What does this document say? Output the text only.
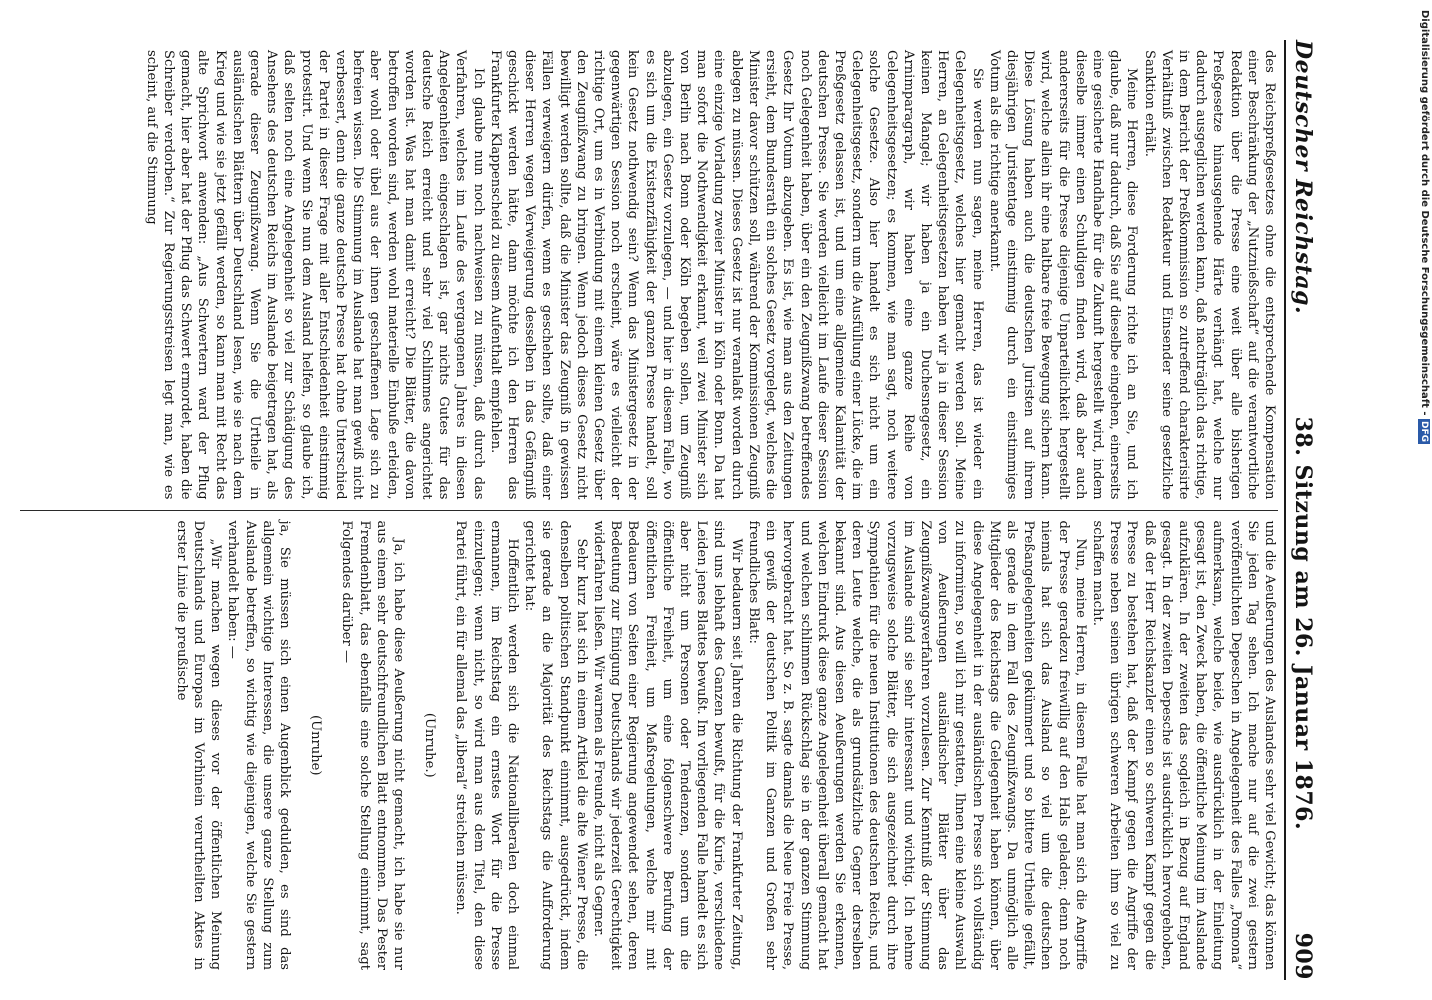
Deutscher Reichstag.
38. Sitzung am 26. Januar 1876.
909

des Reichspreßgesetzes ohne die entsprechende Kompensation einer Beschränkung der „Nutznießschaft“ auf die verantwortliche Redaktion über die Presse eine weit über alle bisherigen Preßgesetze hinausgehende Härte verhängt hat, welche nur dadurch ausgeglichen werden kann, daß nachträglich das richtige, in dem Bericht der Preßkommission so zutreffend charakterisirte Verhältniß zwischen Redakteur und Einsender seine gesetzliche Sanktion erhält.

Meine Herren, diese Forderung richte ich an Sie, und ich glaube, daß nur dadurch, daß Sie auf dieselbe eingehen, einerseits eine gesicherte Handhabe für die Zukunft hergestellt wird, indem dieselbe immer einen Schuldigen finden wird, daß aber auch andererseits für die Presse diejenige Unparteilichkeit hergestellt wird, welche allein ihr eine haltbare freie Bewegung sichern kann. Diese Lösung haben auch die deutschen Juristen auf ihrem diesjährigen Juristentage einstimmig durch ein einstimmiges Votum als die richtige anerkannt.

Sie werden nun sagen, meine Herren, das ist wieder ein Gelegenheitsgesetz, welches hier gemacht werden soll. Meine Herren, an Gelegenheitsgesetzen haben wir ja in dieser Session keinen Mangel; wir haben ja ein Duchesnegesetz, ein Arnimparagraph, wir haben eine ganze Reihe von Gelegenheitsgesetzen; es kommen, wie man sagt, noch weitere solche Gesetze. Also hier handelt es sich nicht um ein Gelegenheitsgesetz, sondern um die Ausfüllung einer Lücke, die im Preßgesetz gelassen ist, und um eine allgemeine Kalamität der deutschen Presse. Sie werden vielleicht im Laufe dieser Session noch Gelegenheit haben, über ein den Zeugnißzwang betreffendes Gesetz Ihr Votum abzugeben. Es ist, wie man aus den Zeitungen ersieht, dem Bundesrath ein solches Gesetz vorgelegt, welches die Minister davor schützen soll, während der Kommissionen Zeugniß ablegen zu müssen. Dieses Gesetz ist nur veranlaßt worden durch eine einzige Vorladung zweier Minister in Köln oder Bonn. Da hat man sofort die Nothwendigkeit erkannt, weil zwei Minister sich von Berlin nach Bonn oder Köln begeben sollen, um Zeugniß abzulegen, ein Gesetz vorzulegen, — und hier in diesem Falle, wo es sich um die Existenzfähigkeit der ganzen Presse handelt, soll kein Gesetz nothwendig sein? Wenn das Ministergesetz in der gegenwärtigen Session noch erscheint, wäre es vielleicht der richtige Ort, um es in Verbindung mit einem kleinen Gesetz über den Zeugnißzwang zu bringen. Wenn jedoch dieses Gesetz nicht bewilligt werden sollte, daß die Minister das Zeugniß in gewissen Fällen verweigern dürfen, wenn es geschehen sollte, daß einer dieser Herren wegen Verweigerung desselben in das Gefängniß geschickt werden hätte, dann möchte ich den Herren das Frankfurter Klappenscheid zu diesem Aufenthalt empfehlen.

Ich glaube nun noch nachweisen zu müssen, daß durch das Verfahren, welches im Laufe des vergangenen Jahres in diesen Angelegenheiten eingeschlagen ist, gar nichts Gutes für das deutsche Reich erreicht und sehr viel Schlimmes angerichtet worden ist. Was hat man damit erreicht? Die Blätter, die davon betroffen worden sind, werden wohl materielle Einbuße erleiden, aber wohl oder übel aus der ihnen geschaffenen Lage sich zu befreien wissen. Die Stimmung im Auslande hat man gewiß nicht verbessert, denn die ganze deutsche Presse hat ohne Unterschied der Partei in dieser Frage mit aller Entschiedenheit einstimmig protestirt. Und wenn Sie nun dem Ausland helfen, so glaube ich, daß selten noch eine Angelegenheit so viel zur Schädigung des Ansehens des deutschen Reichs im Auslande beigetragen hat, als gerade dieser Zeugnißzwang. Wenn Sie die Urtheile in ausländischen Blättern über Deutschland lesen, wie sie nach dem Krieg und wie sie jetzt gefällt werden, so kann man mit Recht das alte Sprichwort anwenden: „Aus Schwertern ward der Pflug gemacht, hier aber hat der Pflug das Schwert ermordet, haben die Schreiber verdorben.“ Zur Regierungsstreisen legt man, wie es scheint, auf die Stimmung

und die Aeußerungen des Auslandes sehr viel Gewicht; das können Sie jeden Tag sehen. Ich mache nur auf die zwei gestern veröffentlichten Depeschen in Angelegenheit des Falles „Pomona“ aufmerksam, welche beide, wie ausdrücklich in der Einleitung gesagt ist, den Zweck haben, die öffentliche Meinung im Auslande aufzuklären. In der zweiten das sogleich in Bezug auf England gesagt. In der zweiten Depesche ist ausdrücklich hervorgehoben, daß der Herr Reichskanzler einen so schweren Kampf gegen die Presse zu bestehen hat, daß der Kampf gegen die Angriffe der Presse neben seinen übrigen schweren Arbeiten ihm so viel zu schaffen macht.

Nun, meine Herren, in diesem Falle hat man sich die Angriffe der Presse geradezu freiwillig auf den Hals geladen; denn noch niemals hat sich das Ausland so viel um die deutschen Preßangelegenheiten gekümmert und so bittere Urtheile gefällt, als gerade in dem Fall des Zeugnißzwangs. Da unmöglich alle Mitglieder des Reichstags die Gelegenheit haben können, über diese Angelegenheit in der ausländischen Presse sich vollständig zu informiren, so will ich mir gestatten, Ihnen eine kleine Auswahl von Aeußerungen ausländischer Blätter über das Zeugnißzwangsverfahren vorzulesen. Zur Kenntniß der Stimmung im Auslande sind sie sehr interessant und wichtig. Ich nehme vorzugsweise solche Blätter, die sich ausgezeichnet durch ihre Sympathien für die neuen Institutionen des deutschen Reichs, und deren Leute welche, die als grundsätzliche Gegner derselben bekannt sind. Aus diesen Aeußerungen werden Sie erkennen, welchen Eindruck diese ganze Angelegenheit überall gemacht hat und welchen schlimmen Rückschlag sie in der ganzen Stimmung hervorgebracht hat. So z. B. sagte damals die Neue Freie Presse, ein gewiß der deutschen Politik im Ganzen und Großen sehr freundliches Blatt:

Wir bedauern seit Jahren die Richtung der Frankfurter Zeitung, sind uns lebhaft des Ganzen bewußt, für die Kurie, verschiedene Leiden jenes Blattes bewußt. Im vorliegenden Falle handelt es sich aber nicht um Personen oder Tendenzen, sondern um die öffentliche Freiheit, um eine folgenschwere Berufung der öffentlichen Freiheit, um Maßregelungen, welche mir mit Bedauern von Seiten einer Regierung angewendet sehen, deren Bedeutung zur Einigung Deutschlands wir jederzeit Gerechtigkeit widerfahren ließen. Wir warnen als Freunde, nicht als Gegner.

Sehr kurz hat sich in einem Artikel die alte Wiener Presse, die denselben politischen Standpunkt einnimmt, ausgedrückt, indem sie gerade an die Majorität des Reichstags die Aufforderung gerichtet hat:

Hoffentlich werden sich die Nationalliberalen doch einmal ermannen, im Reichstag ein ernstes Wort für die Presse einzulegen; wenn nicht, so wird man aus dem Titel, den diese Partei führt, ein für allemal das „liberal“ streichen müssen.

(Unruhe.)

Ja, ich habe diese Aeußerung nicht gemacht, ich habe sie nur aus einem sehr deutschfreundlichen Blatt entnommen. Das Pester Fremdenblatt, das ebenfalls eine solche Stellung einnimmt, sagt Folgendes darüber —

(Unruhe)

ja, Sie müssen sich einen Augenblick gedulden, es sind das allgemein wichtige Interessen, die unsere ganze Stellung zum Auslande betreffen, so wichtig wie diejenigen, welche Sie gestern verhandelt haben: —

„Wir machen wegen dieses vor der öffentlichen Meinung Deutschlands und Europas im Vorhinein verurtheilten Aktes in erster Linie die preußische

Digitalisierung gefördert durch die Deutsche Forschungsgemeinschaft - DFG
